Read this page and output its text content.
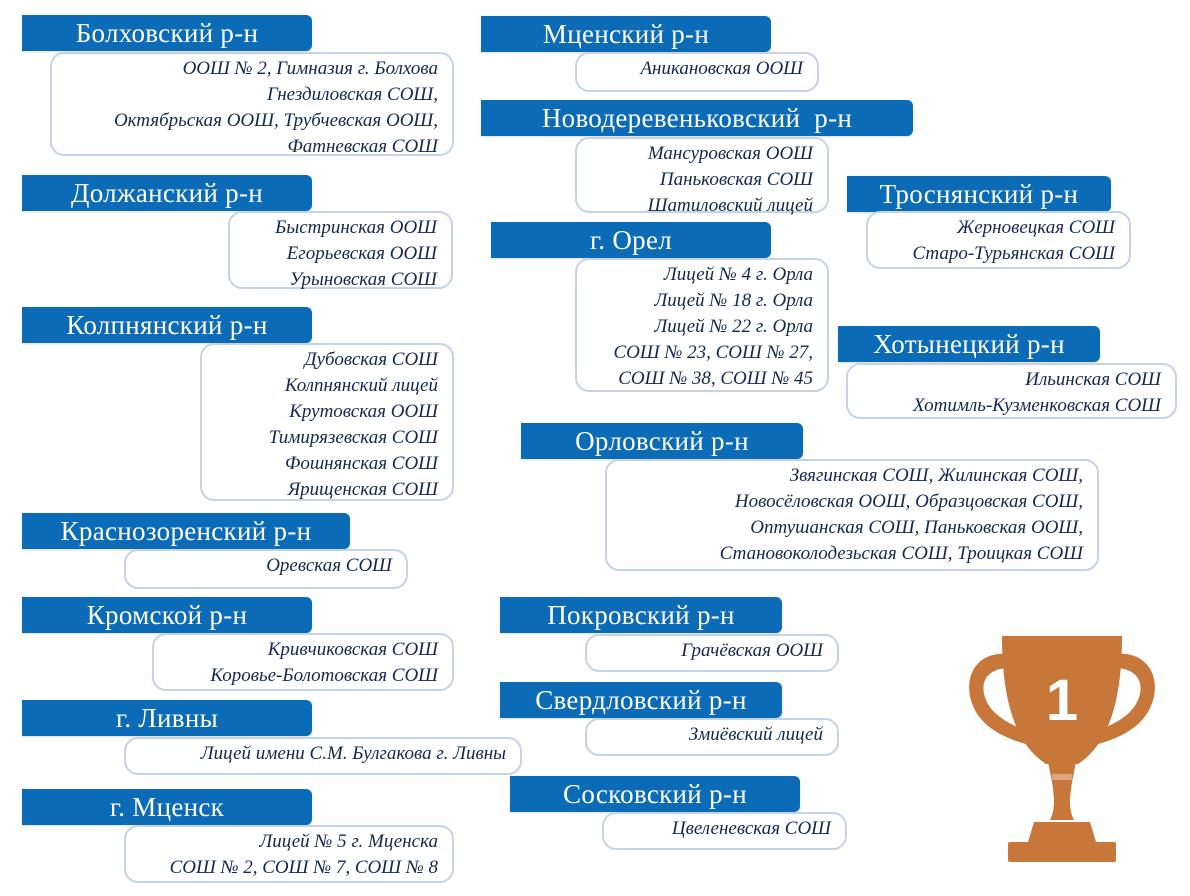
Болховский р-н
ООШ № 2, Гимназия г. Болхова
Гнездиловская СОШ,
Октябрьская ООШ, Трубчевская ООШ,
Фатневская СОШ
Должанский р-н
Быстринская ООШ
Егорьевская ООШ
Урыновская СОШ
Колпнянский р-н
Дубовская СОШ
Колпнянский лицей
Крутовская ООШ
Тимирязевская СОШ
Фошнянская СОШ
Ярищенская СОШ
Краснозоренский р-н
Оревская СОШ
Кромской р-н
Кривчиковская СОШ
Коровье-Болотовская СОШ
г. Ливны
Лицей имени С.М. Булгакова г. Ливны
г. Мценск
Лицей № 5 г. Мценска
СОШ № 2, СОШ № 7, СОШ № 8
Мценский р-н
Аникановская ООШ
Новодеревеньковский  р-н
Мансуровская ООШ
Паньковская СОШ
Шатиловский лицей
г. Орел
Лицей № 4 г. Орла
Лицей № 18 г. Орла
Лицей № 22 г. Орла
СОШ № 23, СОШ № 27,
СОШ № 38, СОШ № 45
Троснянский р-н
Жерновецкая СОШ
Старо-Турьянская СОШ
Хотынецкий р-н
Ильинская СОШ
Хотимль-Кузменковская СОШ
Орловский р-н
Звягинская СОШ, Жилинская СОШ,
Новосёловская ООШ, Образцовская СОШ,
Оптушанская СОШ, Паньковская ООШ,
Становоколодезьская СОШ, Троицкая СОШ
Покровский р-н
Грачёвская ООШ
Свердловский р-н
Змиёвский лицей
Сосковский р-н
Цвеленевская СОШ
1
